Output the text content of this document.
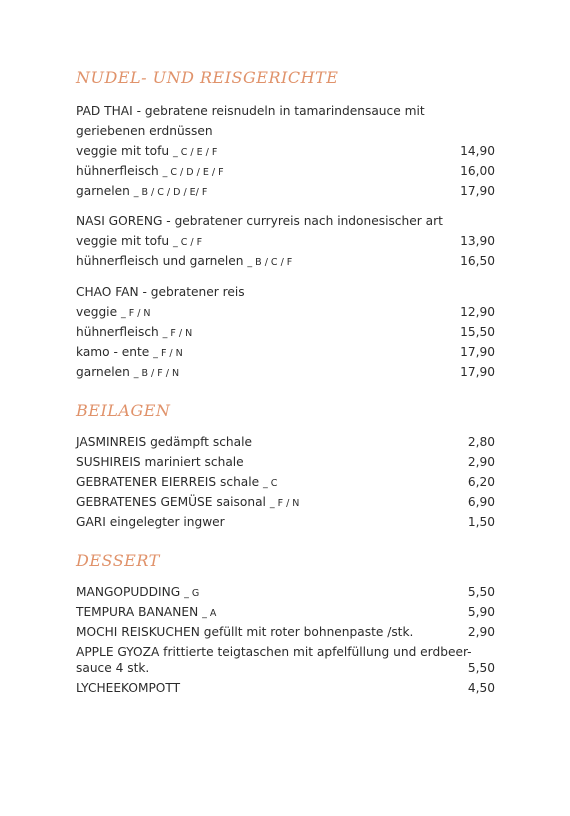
NUDEL- UND REISGERICHTE
PAD THAI - gebratene reisnudeln in tamarindensauce mit
geriebenen erdnüssen
veggie mit tofu _ C / E / F	14,90
hühnerfleisch _ C / D / E / F	16,00
garnelen _ B / C / D / E/ F	17,90
NASI GORENG - gebratener curryreis nach indonesischer art
veggie mit tofu _ C / F	13,90
hühnerfleisch und garnelen _ B / C / F	16,50
CHAO FAN - gebratener reis
veggie _ F / N	12,90
hühnerfleisch _ F / N	15,50
kamo - ente _ F / N	17,90
garnelen _ B / F / N	17,90
BEILAGEN
JASMINREIS gedämpft schale	2,80
SUSHIREIS mariniert schale	2,90
GEBRATENER EIERREIS schale _ C	6,20
GEBRATENES GEMÜSE saisonal _ F / N	6,90
GARI eingelegter ingwer	1,50
DESSERT
MANGOPUDDING _ G	5,50
TEMPURA BANANEN _ A	5,90
MOCHI REISKUCHEN gefüllt mit roter bohnenpaste /stk.	2,90
APPLE GYOZA frittierte teigtaschen mit apfelfüllung und erdbeer-
sauce 4 stk.	5,50
LYCHEEKOMPOTT	4,50
